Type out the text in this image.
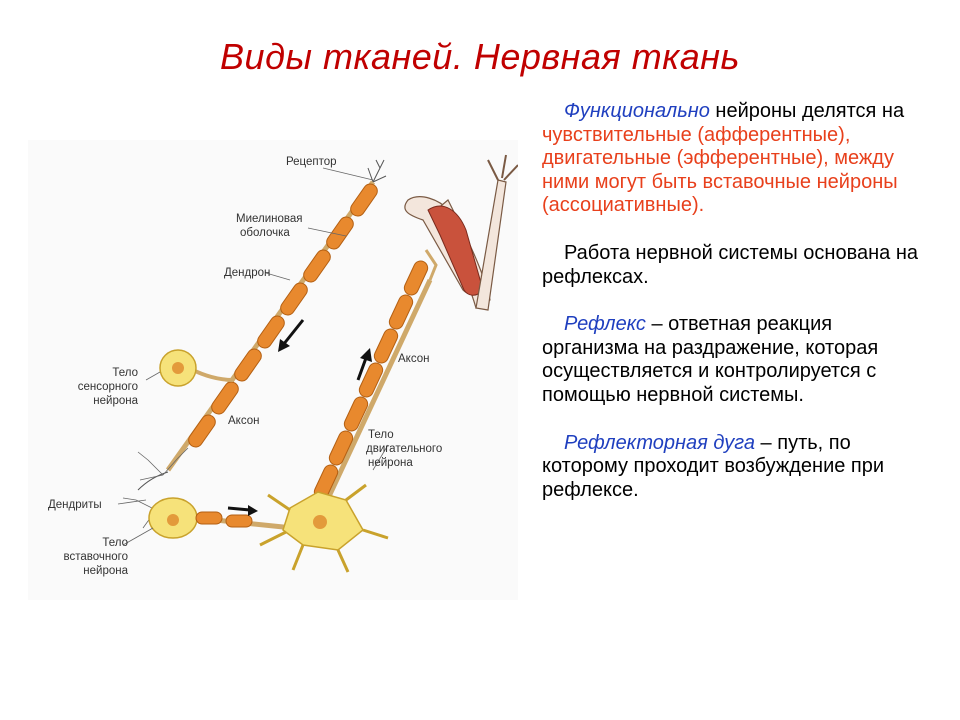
Виды тканей. Нервная ткань
Рецептор
Миелиновая
оболочка
Дендрон
Аксон
Тело
сенсорного
нейрона
Аксон
Тело
двигательного
нейрона
Дендриты
Тело
вставочного
нейрона

Функционально нейроны делятся на чувствительные (афферентные), двигательные (эфферентные), между ними могут быть вставочные нейроны (ассоциативные).

Работа нервной системы основана на рефлексах.

Рефлекс – ответная реакция организма на раздражение, которая осуществляется и контролируется с помощью нервной системы.

Рефлекторная дуга – путь, по которому проходит возбуждение при рефлексе.
